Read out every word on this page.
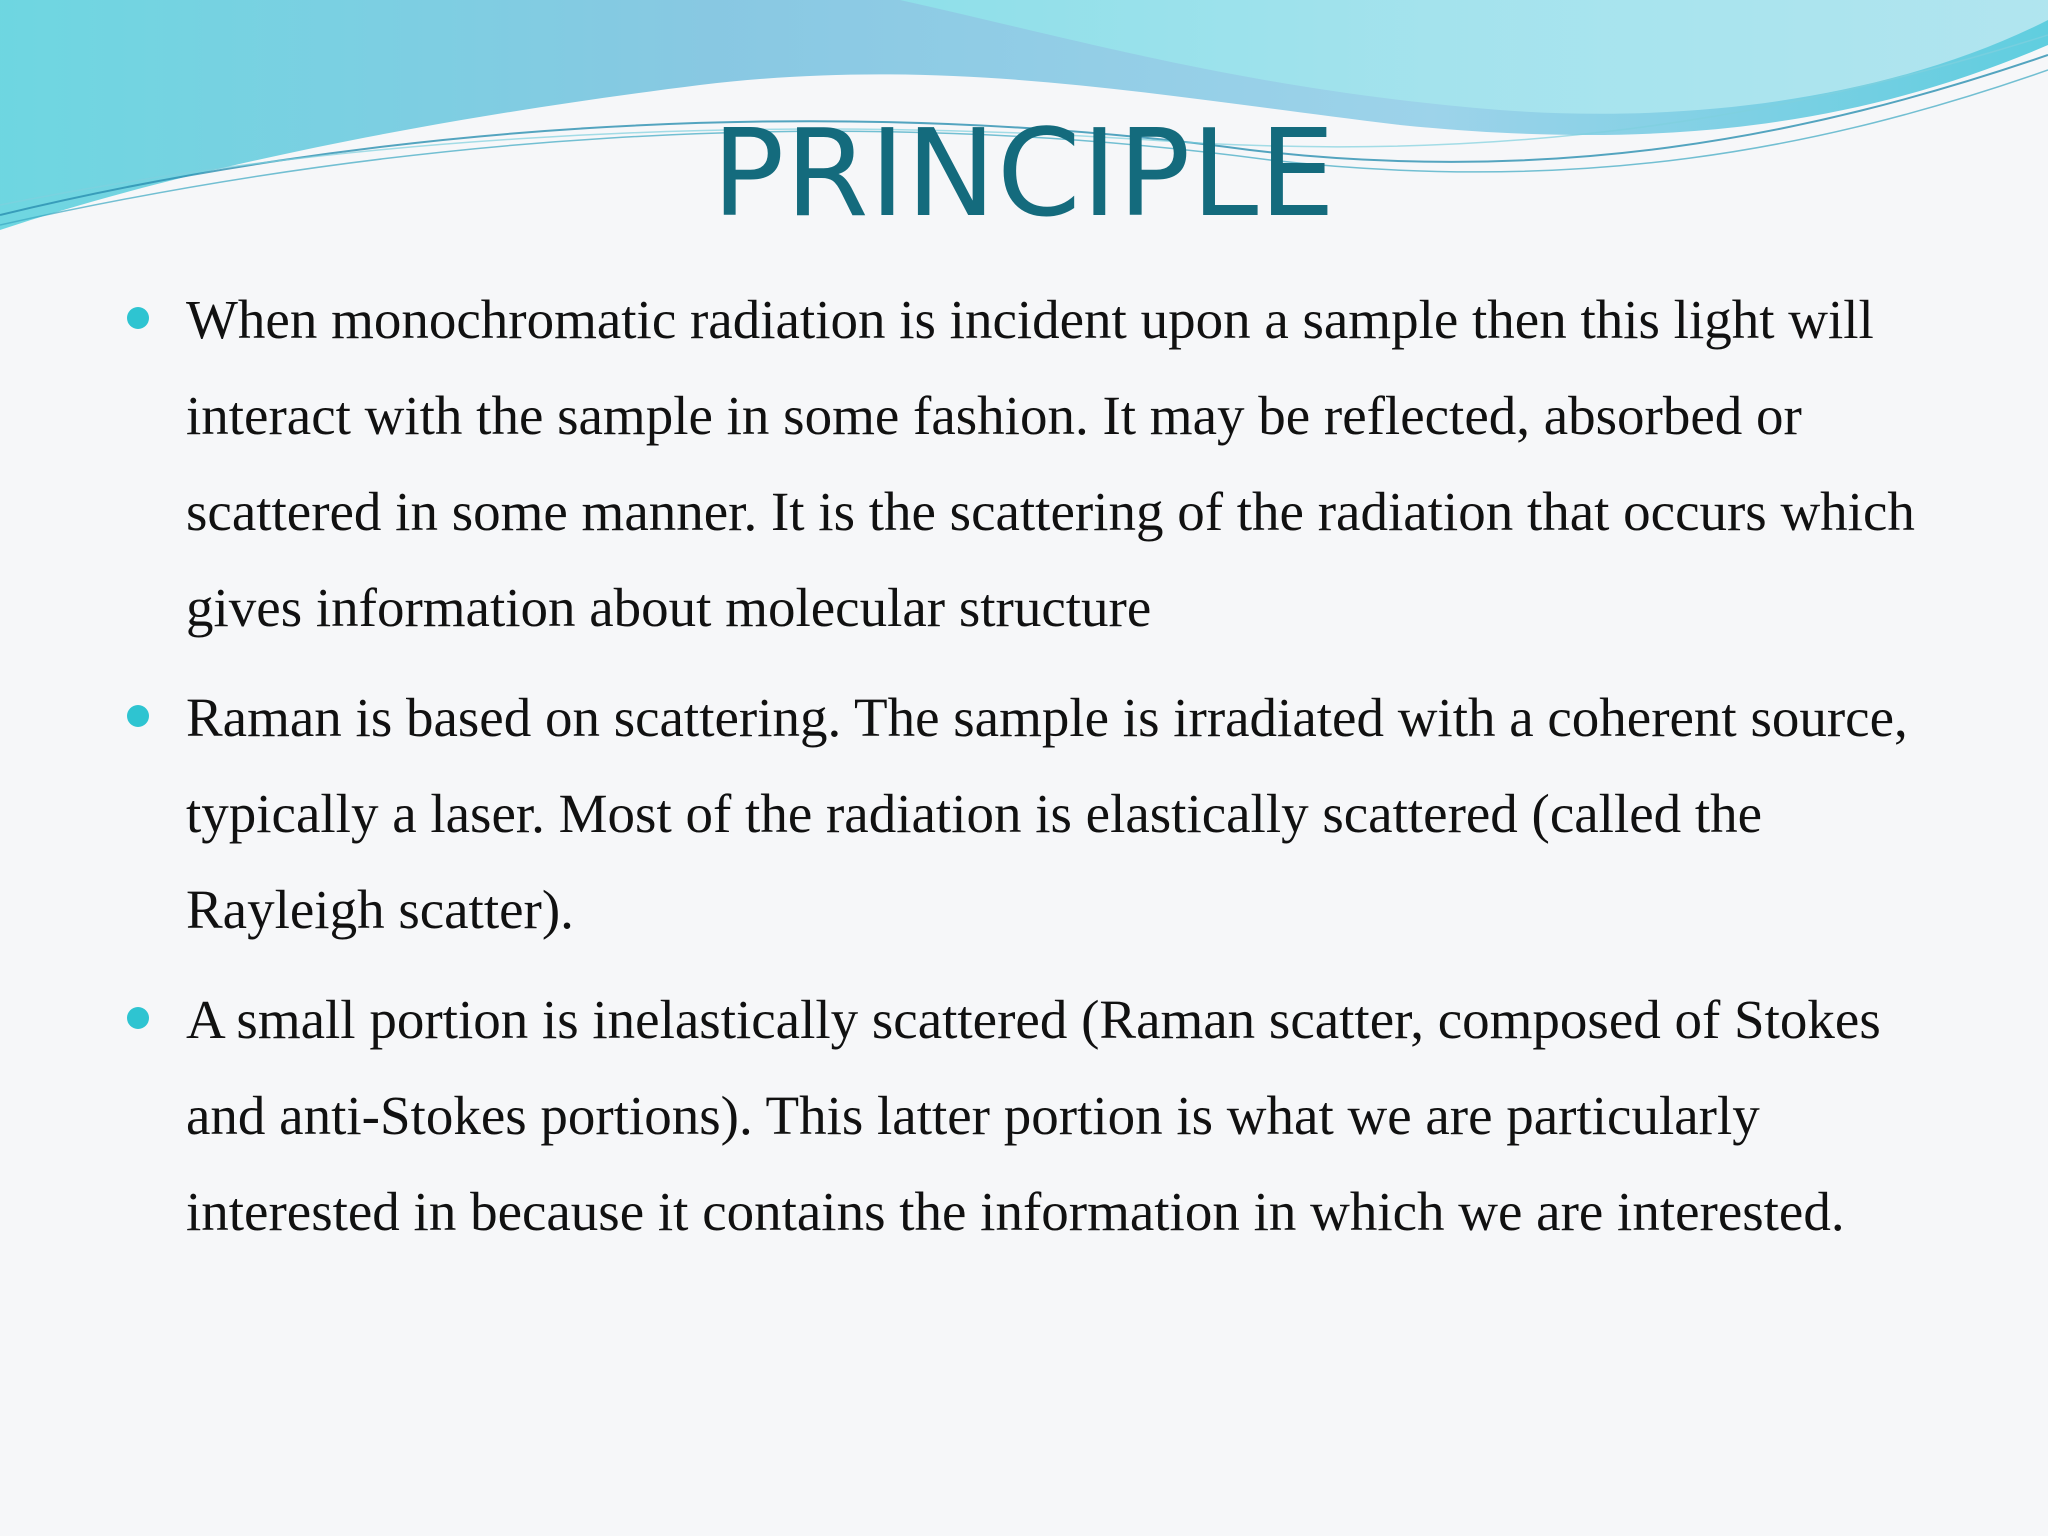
PRINCIPLE
When monochromatic radiation is incident upon a sample then this light will interact with the sample in some fashion. It may be reflected, absorbed or scattered in some manner. It is the scattering of the radiation that occurs which gives information about molecular structure
Raman is based on scattering. The sample is irradiated with a coherent source, typically a laser. Most of the radiation is elastically scattered (called the Rayleigh scatter).
A small portion is inelastically scattered (Raman scatter, composed of Stokes and anti-Stokes portions). This latter portion is what we are particularly interested in because it contains the information in which we are interested.
